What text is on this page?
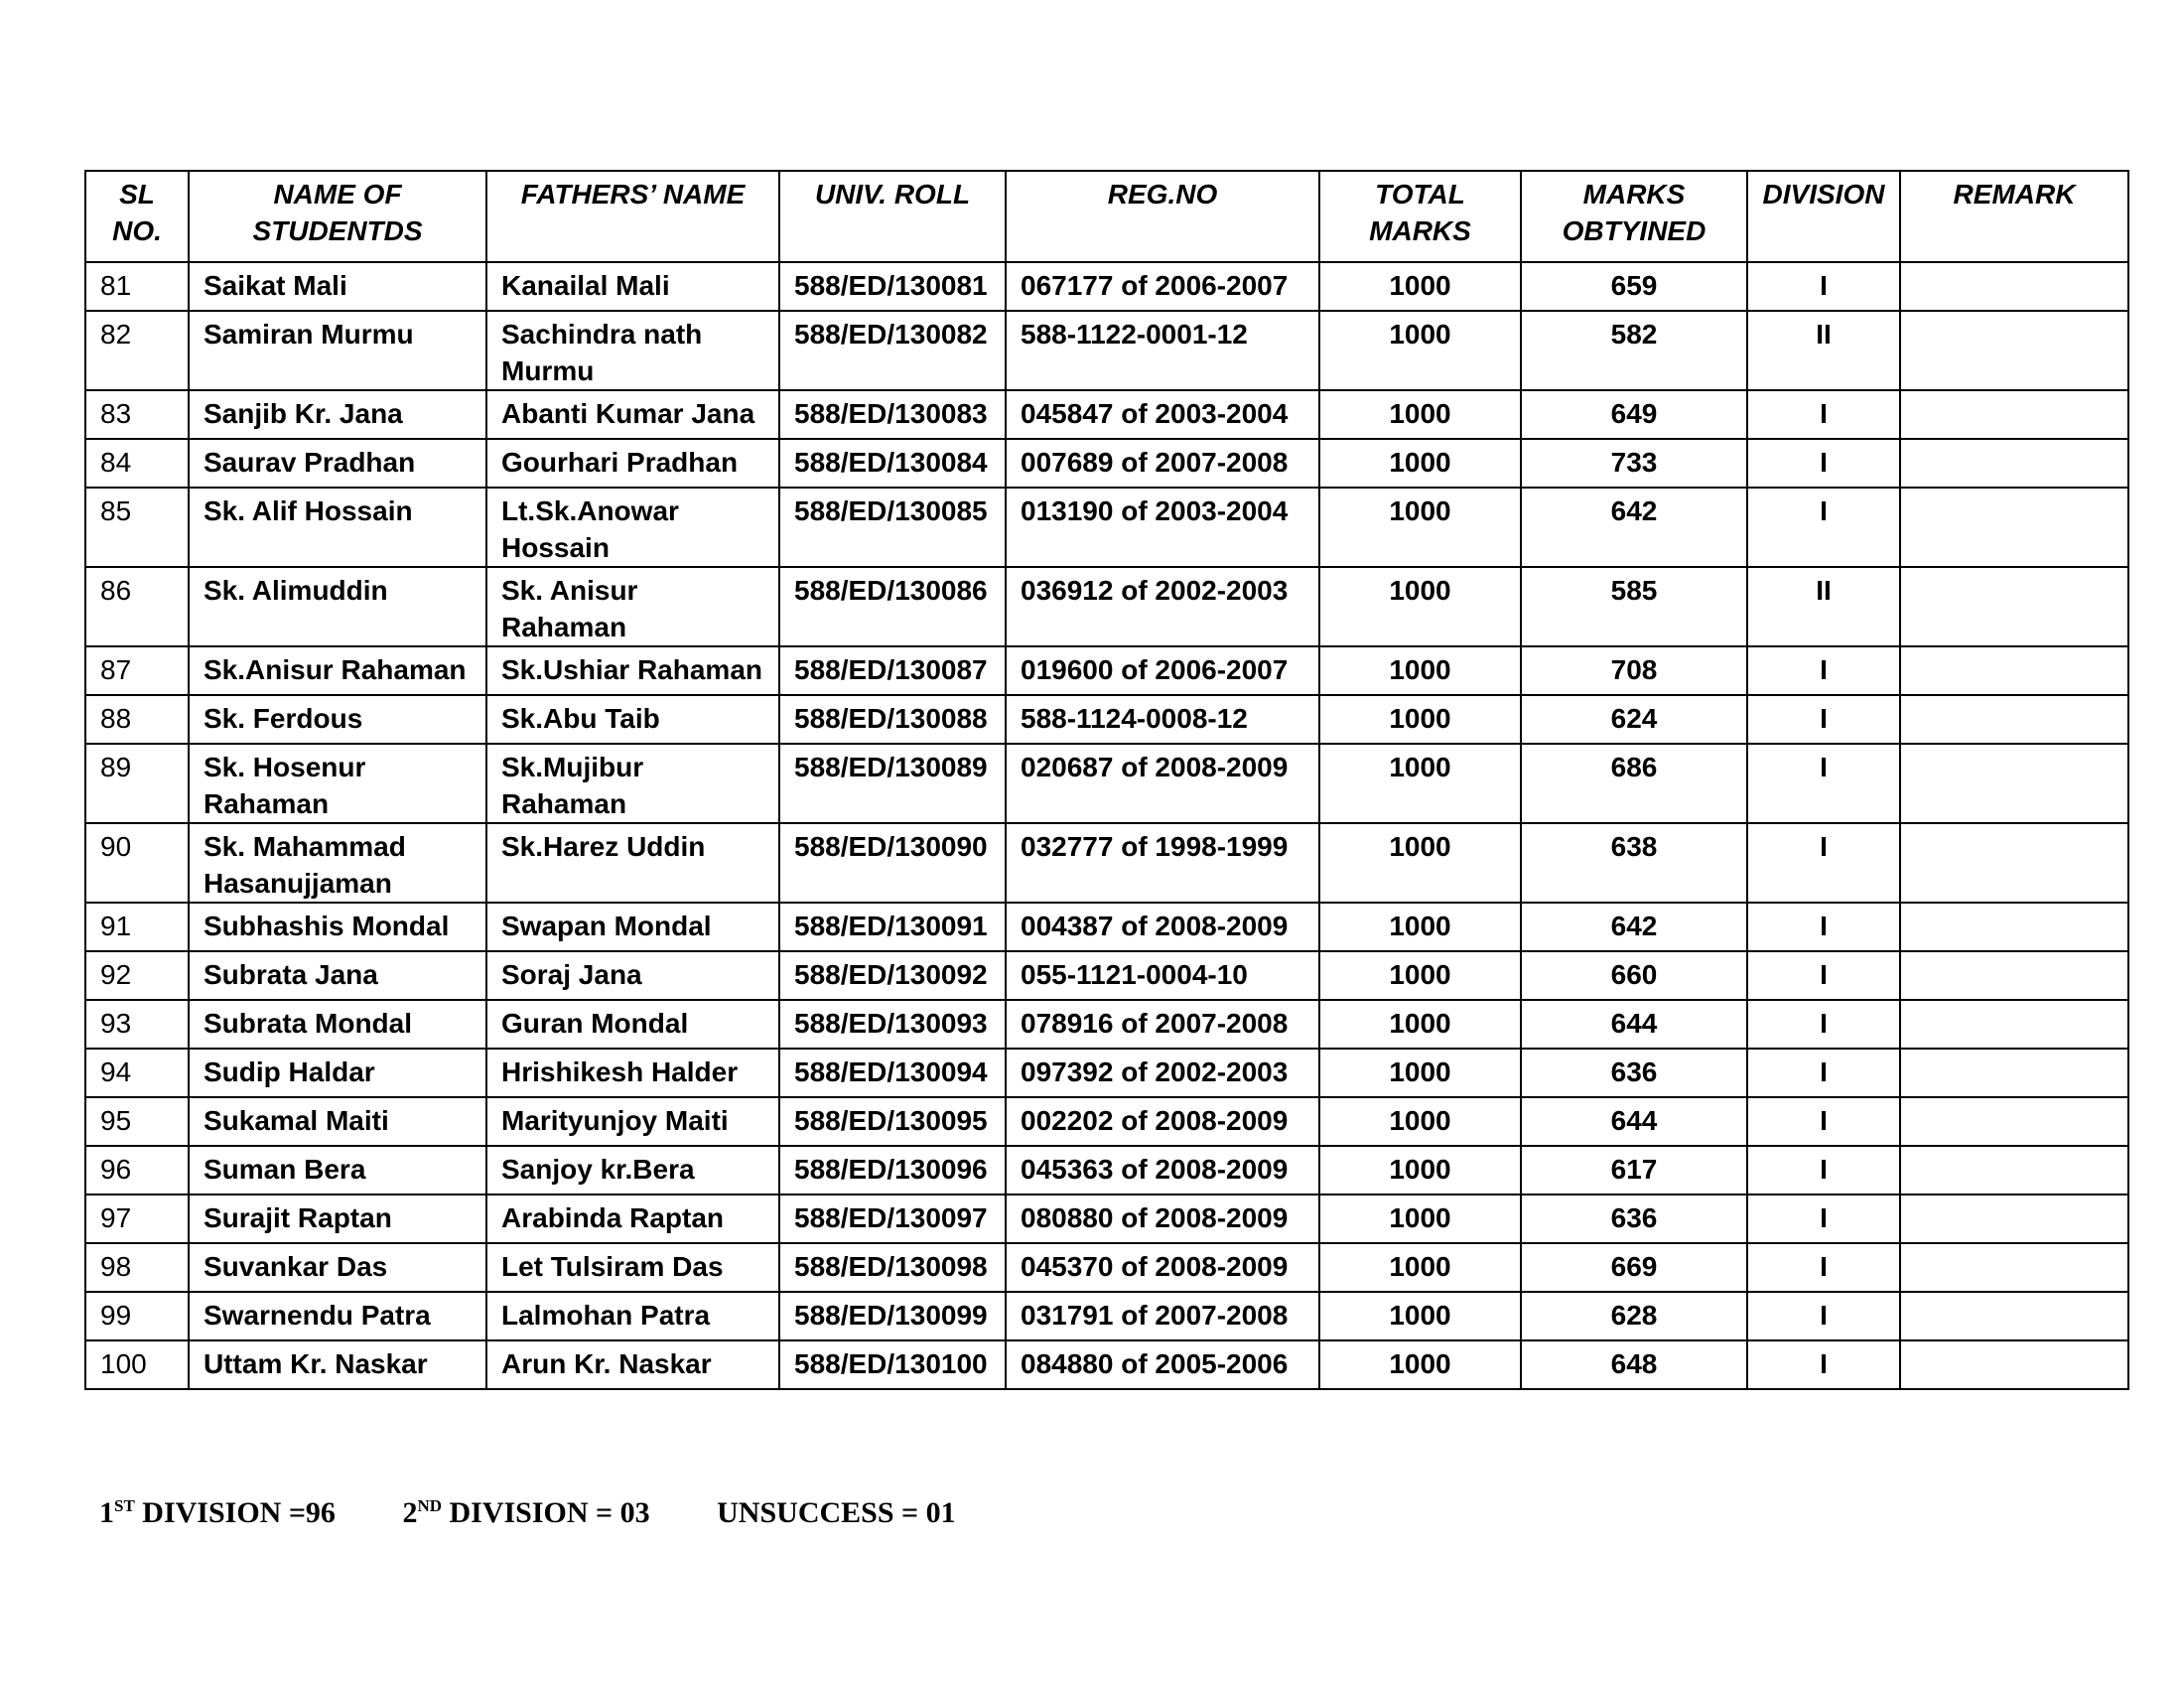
SL NO.	NAME OF STUDENTDS	FATHERS’ NAME	UNIV. ROLL	REG.NO	TOTAL MARKS	MARKS OBTYINED	DIVISION	REMARK
81	Saikat Mali	Kanailal Mali	588/ED/130081	067177 of 2006-2007	1000	659	I	
82	Samiran Murmu	Sachindra nath Murmu	588/ED/130082	588-1122-0001-12	1000	582	II	
83	Sanjib Kr. Jana	Abanti Kumar Jana	588/ED/130083	045847 of 2003-2004	1000	649	I	
84	Saurav Pradhan	Gourhari Pradhan	588/ED/130084	007689 of 2007-2008	1000	733	I	
85	Sk. Alif Hossain	Lt.Sk.Anowar Hossain	588/ED/130085	013190 of 2003-2004	1000	642	I	
86	Sk. Alimuddin	Sk. Anisur Rahaman	588/ED/130086	036912 of 2002-2003	1000	585	II	
87	Sk.Anisur Rahaman	Sk.Ushiar Rahaman	588/ED/130087	019600 of 2006-2007	1000	708	I	
88	Sk. Ferdous	Sk.Abu Taib	588/ED/130088	588-1124-0008-12	1000	624	I	
89	Sk. Hosenur Rahaman	Sk.Mujibur Rahaman	588/ED/130089	020687 of 2008-2009	1000	686	I	
90	Sk. Mahammad Hasanujjaman	Sk.Harez Uddin	588/ED/130090	032777 of 1998-1999	1000	638	I	
91	Subhashis Mondal	Swapan Mondal	588/ED/130091	004387 of 2008-2009	1000	642	I	
92	Subrata Jana	Soraj Jana	588/ED/130092	055-1121-0004-10	1000	660	I	
93	Subrata Mondal	Guran Mondal	588/ED/130093	078916 of 2007-2008	1000	644	I	
94	Sudip Haldar	Hrishikesh Halder	588/ED/130094	097392 of 2002-2003	1000	636	I	
95	Sukamal Maiti	Marityunjoy Maiti	588/ED/130095	002202 of 2008-2009	1000	644	I	
96	Suman Bera	Sanjoy kr.Bera	588/ED/130096	045363 of 2008-2009	1000	617	I	
97	Surajit Raptan	Arabinda Raptan	588/ED/130097	080880 of 2008-2009	1000	636	I	
98	Suvankar Das	Let Tulsiram Das	588/ED/130098	045370 of 2008-2009	1000	669	I	
99	Swarnendu Patra	Lalmohan Patra	588/ED/130099	031791 of 2007-2008	1000	628	I	
100	Uttam Kr. Naskar	Arun Kr. Naskar	588/ED/130100	084880 of 2005-2006	1000	648	I	
1ST DIVISION =96 2ND DIVISION = 03 UNSUCCESS = 01
